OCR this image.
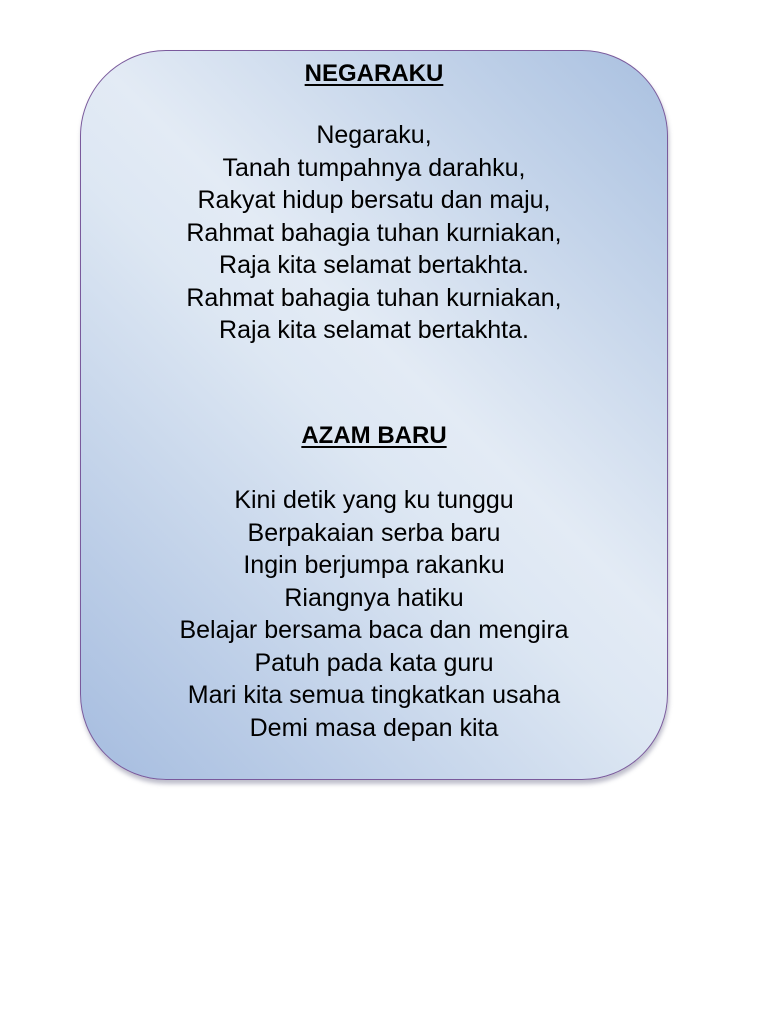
NEGARAKU
Negaraku,
Tanah tumpahnya darahku,
Rakyat hidup bersatu dan maju,
Rahmat bahagia tuhan kurniakan,
Raja kita selamat bertakhta.
Rahmat bahagia tuhan kurniakan,
Raja kita selamat bertakhta.
AZAM BARU
Kini detik yang ku tunggu
Berpakaian serba baru
Ingin berjumpa rakanku
Riangnya hatiku
Belajar bersama baca dan mengira
Patuh pada kata guru
Mari kita semua tingkatkan usaha
Demi masa depan kita
